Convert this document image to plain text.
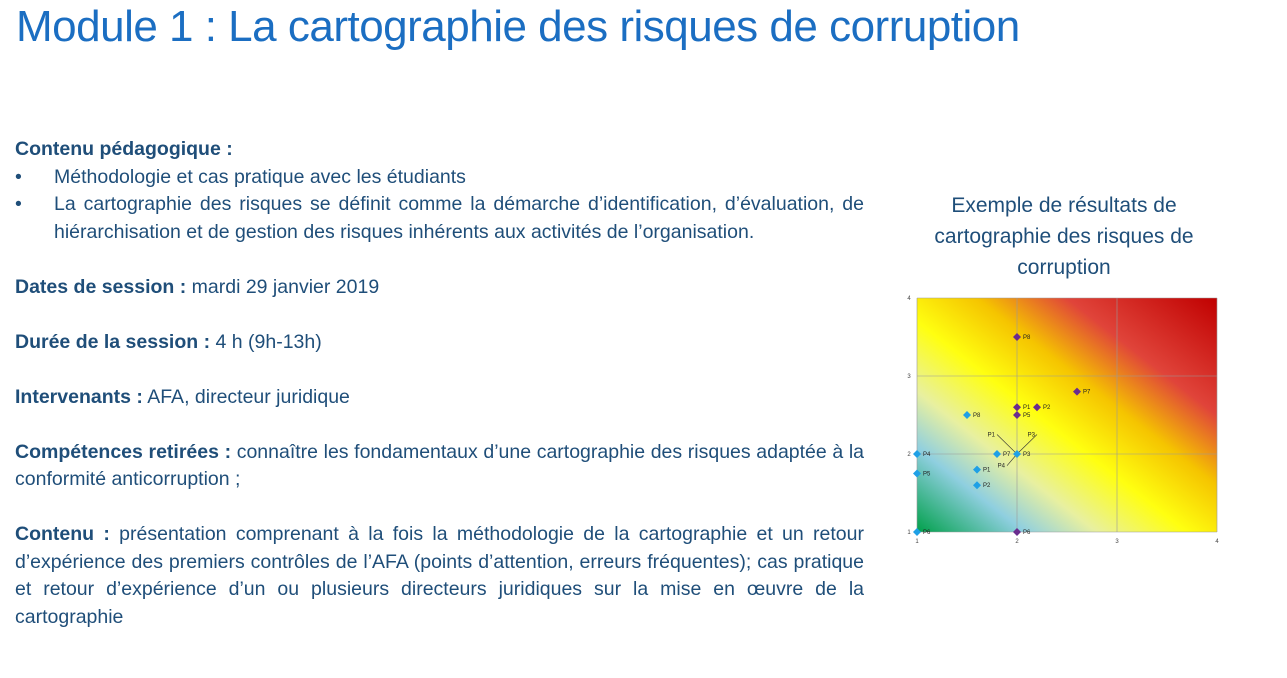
Module 1 : La cartographie des risques de corruption

Contenu pédagogique :

• Méthodologie et cas pratique avec les étudiants
• La cartographie des risques se définit comme la démarche d’identification, d’évaluation, de hiérarchisation et de gestion des risques inhérents aux activités de l’organisation.

Dates de session : mardi 29 janvier 2019

Durée de la session : 4 h (9h-13h)

Intervenants : AFA, directeur juridique

Compétences retirées : connaître les fondamentaux d’une cartographie des risques adaptée à la conformité anticorruption ;

Contenu : présentation comprenant à la fois la méthodologie de la cartographie et un retour d’expérience des premiers contrôles de l’AFA (points d’attention, erreurs fréquentes); cas pratique et retour d’expérience d’un ou plusieurs directeurs juridiques sur la mise en œuvre de la cartographie

Exemple de résultats de cartographie des risques de corruption
1	2	3	4
1
2
3
4
P1
P4
P3
P8
P4	P7
P1
P5
P2
P6
P3
P8
P7
P1 P2
P5
P6
